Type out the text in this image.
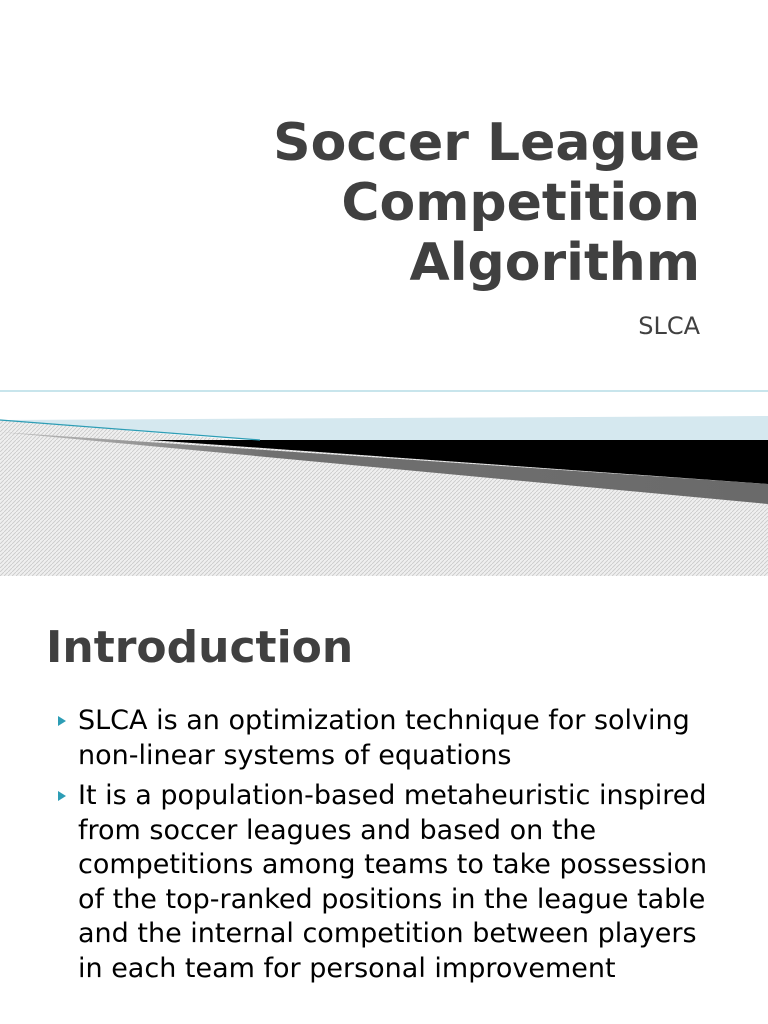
Soccer League Competition Algorithm

SLCA

Introduction
SLCA is an optimization technique for solving non-linear systems of equations
It is a population-based metaheuristic inspired from soccer leagues and based on the competitions among teams to take possession of the top-ranked positions in the league table and the internal competition between players in each team for personal improvement
